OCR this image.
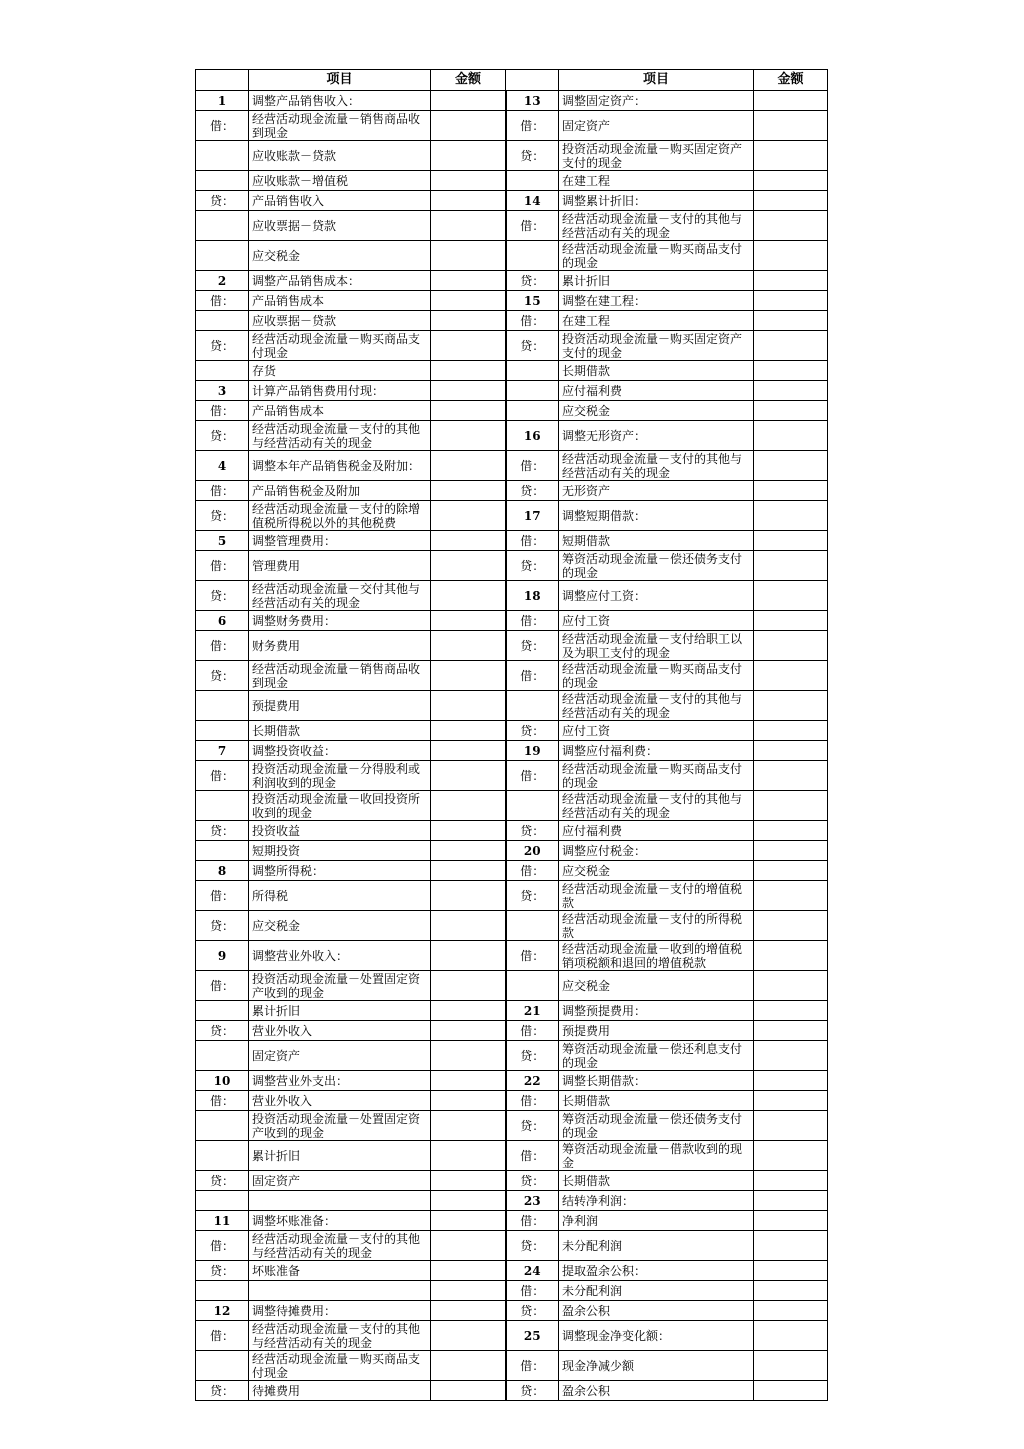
	项目	金额		项目	金额
1	调整产品销售收入：		13	调整固定资产：	
借：	经营活动现金流量－销售商品收到现金		借：	固定资产	
	应收账款－贷款		贷：	投资活动现金流量－购买固定资产支付的现金	
	应收账款－增值税			在建工程	
贷：	产品销售收入		14	调整累计折旧：	
	应收票据－贷款		借：	经营活动现金流量－支付的其他与经营活动有关的现金	
	应交税金			经营活动现金流量－购买商品支付的现金	
2	调整产品销售成本：		贷：	累计折旧	
借：	产品销售成本		15	调整在建工程：	
	应收票据－贷款		借：	在建工程	
贷：	经营活动现金流量－购买商品支付现金		贷：	投资活动现金流量－购买固定资产支付的现金	
	存货			长期借款	
3	计算产品销售费用付现：			应付福利费	
借：	产品销售成本			应交税金	
贷：	经营活动现金流量－支付的其他与经营活动有关的现金		16	调整无形资产：	
4	调整本年产品销售税金及附加：		借：	经营活动现金流量－支付的其他与经营活动有关的现金	
借：	产品销售税金及附加		贷：	无形资产	
贷：	经营活动现金流量－支付的除增值税所得税以外的其他税费		17	调整短期借款：	
5	调整管理费用：		借：	短期借款	
借：	管理费用		贷：	筹资活动现金流量－偿还债务支付的现金	
贷：	经营活动现金流量－交付其他与经营活动有关的现金		18	调整应付工资：	
6	调整财务费用：		借：	应付工资	
借：	财务费用		贷：	经营活动现金流量－支付给职工以及为职工支付的现金	
贷：	经营活动现金流量－销售商品收到现金		借：	经营活动现金流量－购买商品支付的现金	
	预提费用			经营活动现金流量－支付的其他与经营活动有关的现金	
	长期借款		贷：	应付工资	
7	调整投资收益：		19	调整应付福利费：	
借：	投资活动现金流量－分得股利或利润收到的现金		借：	经营活动现金流量－购买商品支付的现金	
	投资活动现金流量－收回投资所收到的现金			经营活动现金流量－支付的其他与经营活动有关的现金	
贷：	投资收益		贷：	应付福利费	
	短期投资		20	调整应付税金：	
8	调整所得税：		借：	应交税金	
借：	所得税		贷：	经营活动现金流量－支付的增值税款	
贷：	应交税金			经营活动现金流量－支付的所得税款	
9	调整营业外收入：		借：	经营活动现金流量－收到的增值税销项税额和退回的增值税款	
借：	投资活动现金流量－处置固定资产收到的现金			应交税金	
	累计折旧		21	调整预提费用：	
贷：	营业外收入		借：	预提费用	
	固定资产		贷：	筹资活动现金流量－偿还利息支付的现金	
10	调整营业外支出：		22	调整长期借款：	
借：	营业外收入		借：	长期借款	
	投资活动现金流量－处置固定资产收到的现金		贷：	筹资活动现金流量－偿还债务支付的现金	
	累计折旧		借：	筹资活动现金流量－借款收到的现金	
贷：	固定资产		贷：	长期借款	
			23	结转净利润：	
11	调整坏账准备：		借：	净利润	
借：	经营活动现金流量－支付的其他与经营活动有关的现金		贷：	未分配利润	
贷：	坏账准备		24	提取盈余公积：	
			借：	未分配利润	
12	调整待摊费用：		贷：	盈余公积	
借：	经营活动现金流量－支付的其他与经营活动有关的现金		25	调整现金净变化额：	
	经营活动现金流量－购买商品支付现金		借：	现金净减少额	
贷：	待摊费用		贷：	盈余公积	
